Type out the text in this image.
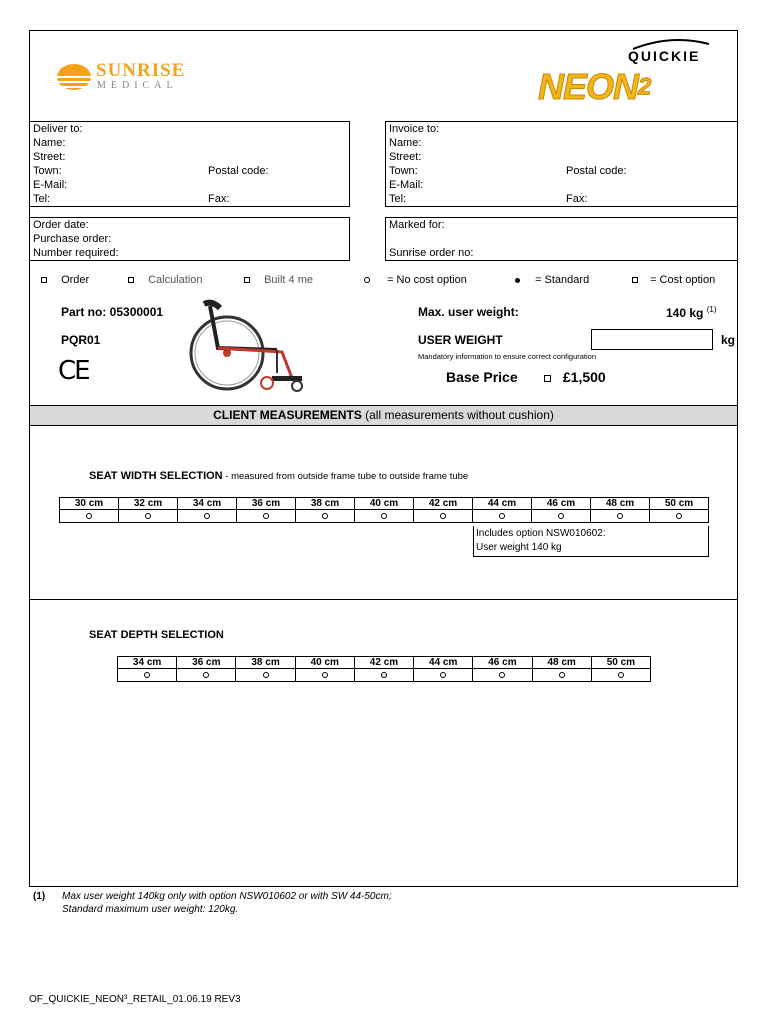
SUNRISE
MEDICAL
QUICKIE
NEON$^2$
Deliver to:
Name:
Street:
Town:	Postal code:
E-Mail:
Tel:	Fax:
Invoice to:
Name:
Street:
Town:	Postal code:
E-Mail:
Tel:	Fax:
Order date:
Purchase order:
Number required:
Marked for:
Sunrise order no:
Order	Calculation	Built 4 me	= No cost option	= Standard	= Cost option
Part no: 05300001
PQR01
CE
Max. user weight:	140 kg $^{(1)}$
USER WEIGHT	kg
Mandatory information to ensure correct configuration
Base Price	£1,500
CLIENT MEASUREMENTS (all measurements without cushion)
SEAT WIDTH SELECTION - measured from outside frame tube to outside frame tube
30 cm	32 cm	34 cm	36 cm	38 cm	40 cm	42 cm	44 cm	46 cm	48 cm	50 cm

Includes option NSW010602:
User weight 140 kg
SEAT DEPTH SELECTION
34 cm	36 cm	38 cm	40 cm	42 cm	44 cm	46 cm	48 cm	50 cm

(1) Max user weight 140kg only with option NSW010602 or with SW 44-50cm;
Standard maximum user weight: 120kg.
OF_QUICKIE_NEON³_RETAIL_01.06.19 REV3
